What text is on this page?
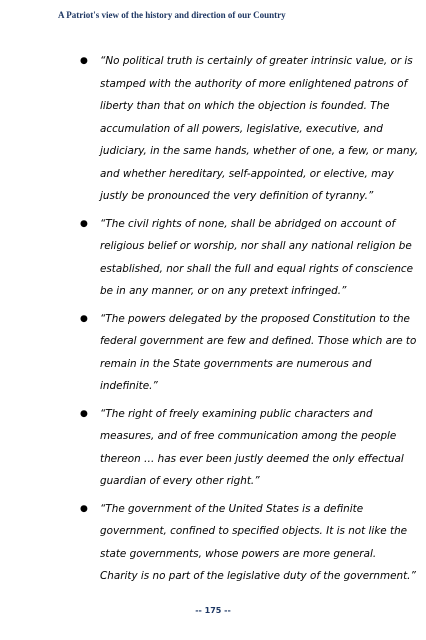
A Patriot's view of the history and direction of our Country
● “No political truth is certainly of greater intrinsic value, or is
stamped with the authority of more enlightened patrons of
liberty than that on which the objection is founded. The
accumulation of all powers, legislative, executive, and
judiciary, in the same hands, whether of one, a few, or many,
and whether hereditary, self-appointed, or elective, may
justly be pronounced the very definition of tyranny.”
● “The civil rights of none, shall be abridged on account of
religious belief or worship, nor shall any national religion be
established, nor shall the full and equal rights of conscience
be in any manner, or on any pretext infringed.”
● “The powers delegated by the proposed Constitution to the
federal government are few and defined. Those which are to
remain in the State governments are numerous and
indefinite.”
● “The right of freely examining public characters and
measures, and of free communication among the people
thereon … has ever been justly deemed the only effectual
guardian of every other right.”
● “The government of the United States is a definite
government, confined to specified objects. It is not like the
state governments, whose powers are more general.
Charity is no part of the legislative duty of the government.”
-- 175 --
